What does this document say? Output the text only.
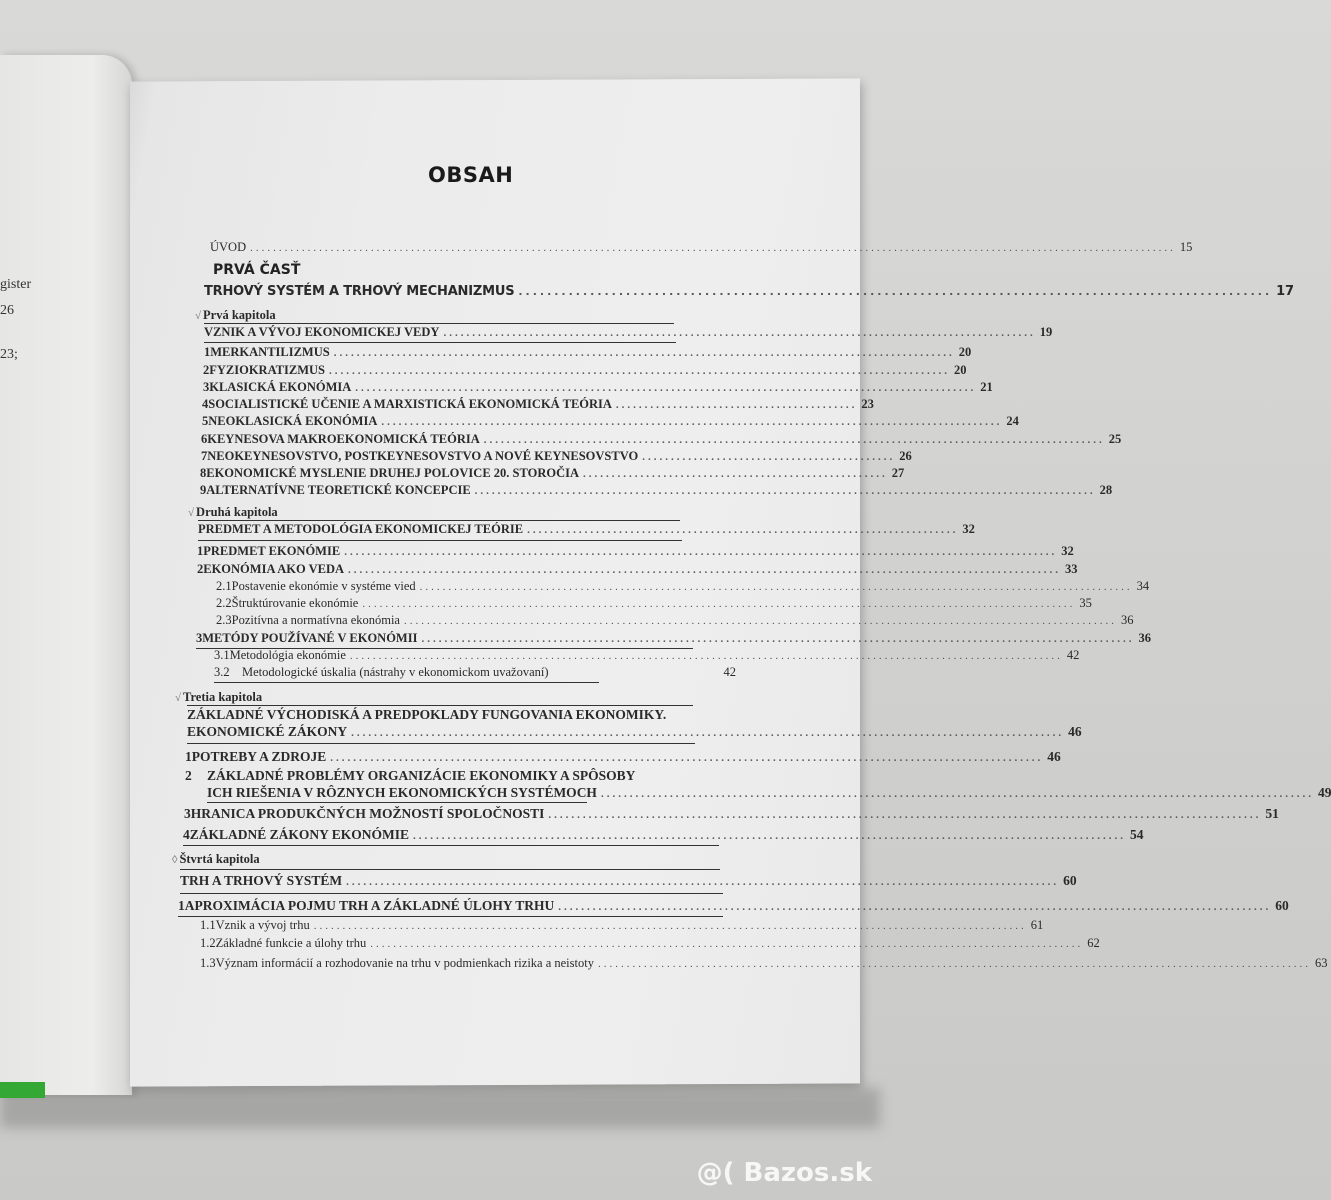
gister
26
23;
OBSAH
ÚVOD ................................................................................................................................................................. 15
PRVÁ ČASŤ
TRHOVÝ SYSTÉM A TRHOVÝ MECHANIZMUS ......................................................................................................... 17
√ Prvá kapitola
VZNIK A VÝVOJ EKONOMICKEJ VEDY ....................................................................................................... 19
1 MERKANTILIZMUS ............................................................................................................ 20
2 FYZIOKRATIZMUS ............................................................................................................ 20
3 KLASICKÁ EKONÓMIA ............................................................................................................ 21
4 SOCIALISTICKÉ UČENIE A MARXISTICKÁ EKONOMICKÁ TEÓRIA .......................................... 23
5 NEOKLASICKÁ EKONÓMIA ............................................................................................................ 24
6 KEYNESOVA MAKROEKONOMICKÁ TEÓRIA ............................................................................................................ 25
7 NEOKEYNESOVSTVO, POSTKEYNESOVSTVO A NOVÉ KEYNESOVSTVO ............................................ 26
8 EKONOMICKÉ MYSLENIE DRUHEJ POLOVICE 20. STOROČIA ..................................................... 27
9 ALTERNATÍVNE TEORETICKÉ KONCEPCIE ............................................................................................................ 28
√ Druhá kapitola
PREDMET A METODOLÓGIA EKONOMICKEJ TEÓRIE ........................................................................... 32
1 PREDMET EKONÓMIE ............................................................................................................................ 32
2 EKONÓMIA AKO VEDA ............................................................................................................................ 33
2.1 Postavenie ekonómie v systéme vied ............................................................................................................................ 34
2.2 Štruktúrovanie ekonómie ............................................................................................................................ 35
2.3 Pozitívna a normatívna ekonómia ............................................................................................................................ 36
3 METÓDY POUŽÍVANÉ V EKONÓMII ............................................................................................................................ 36
3.1 Metodológia ekonómie ............................................................................................................................ 42
3.2 Metodologické úskalia (nástrahy v ekonomickom uvažovaní)	42
√ Tretia kapitola
ZÁKLADNÉ VÝCHODISKÁ A PREDPOKLADY FUNGOVANIA EKONOMIKY.
EKONOMICKÉ ZÁKONY ............................................................................................................................ 46
1 POTREBY A ZDROJE ............................................................................................................................ 46
2 ZÁKLADNÉ PROBLÉMY ORGANIZÁCIE EKONOMIKY A SPÔSOBY
ICH RIEŠENIA V RÔZNYCH EKONOMICKÝCH SYSTÉMOCH ............................................................................................................................ 49
3 HRANICA PRODUKČNÝCH MOŽNOSTÍ SPOLOČNOSTI ............................................................................................................................ 51
4 ZÁKLADNÉ ZÁKONY EKONÓMIE ............................................................................................................................ 54
◊ Štvrtá kapitola
TRH A TRHOVÝ SYSTÉM ............................................................................................................................ 60
1 APROXIMÁCIA POJMU TRH A ZÁKLADNÉ ÚLOHY TRHU ............................................................................................................................ 60
1.1 Vznik a vývoj trhu ............................................................................................................................ 61
1.2 Základné funkcie a úlohy trhu ............................................................................................................................ 62
1.3 Význam informácií a rozhodovanie na trhu v podmienkach rizika a neistoty ............................................................................................................................ 63
@( Bazos.sk
